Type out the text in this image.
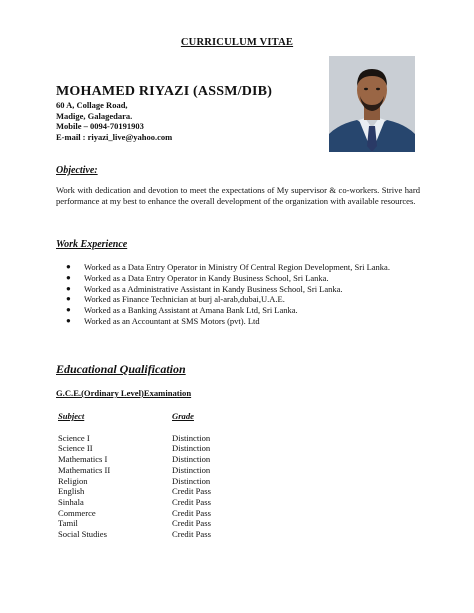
CURRICULUM VITAE
MOHAMED RIYAZI (ASSM/DIB)
60 A, Collage Road,
Madige, Galagedara.
Mobile – 0094-70191903
E-mail : riyazi_live@yahoo.com
Objective:
Work with dedication and devotion to meet the expectations of My supervisor & co-workers. Strive hard performance at my best to enhance the overall development of the organization with available resources.
Work Experience
● Worked as a Data Entry Operator in Ministry Of Central Region Development, Sri Lanka.
● Worked as a Data Entry Operator in Kandy Business School, Sri Lanka.
● Worked as a Administrative Assistant in Kandy Business School, Sri Lanka.
● Worked as Finance Technician at burj al-arab,dubai,U.A.E.
● Worked as a Banking Assistant at Amana Bank Ltd, Sri Lanka.
● Worked as an Accountant at SMS Motors (pvt). Ltd
Educational Qualification
G.C.E.(Ordinary Level)Examination
Subject	Grade
Science I	Distinction
Science II	Distinction
Mathematics I	Distinction
Mathematics II	Distinction
Religion	Distinction
English	Credit Pass
Sinhala	Credit Pass
Commerce	Credit Pass
Tamil	Credit Pass
Social Studies	Credit Pass
